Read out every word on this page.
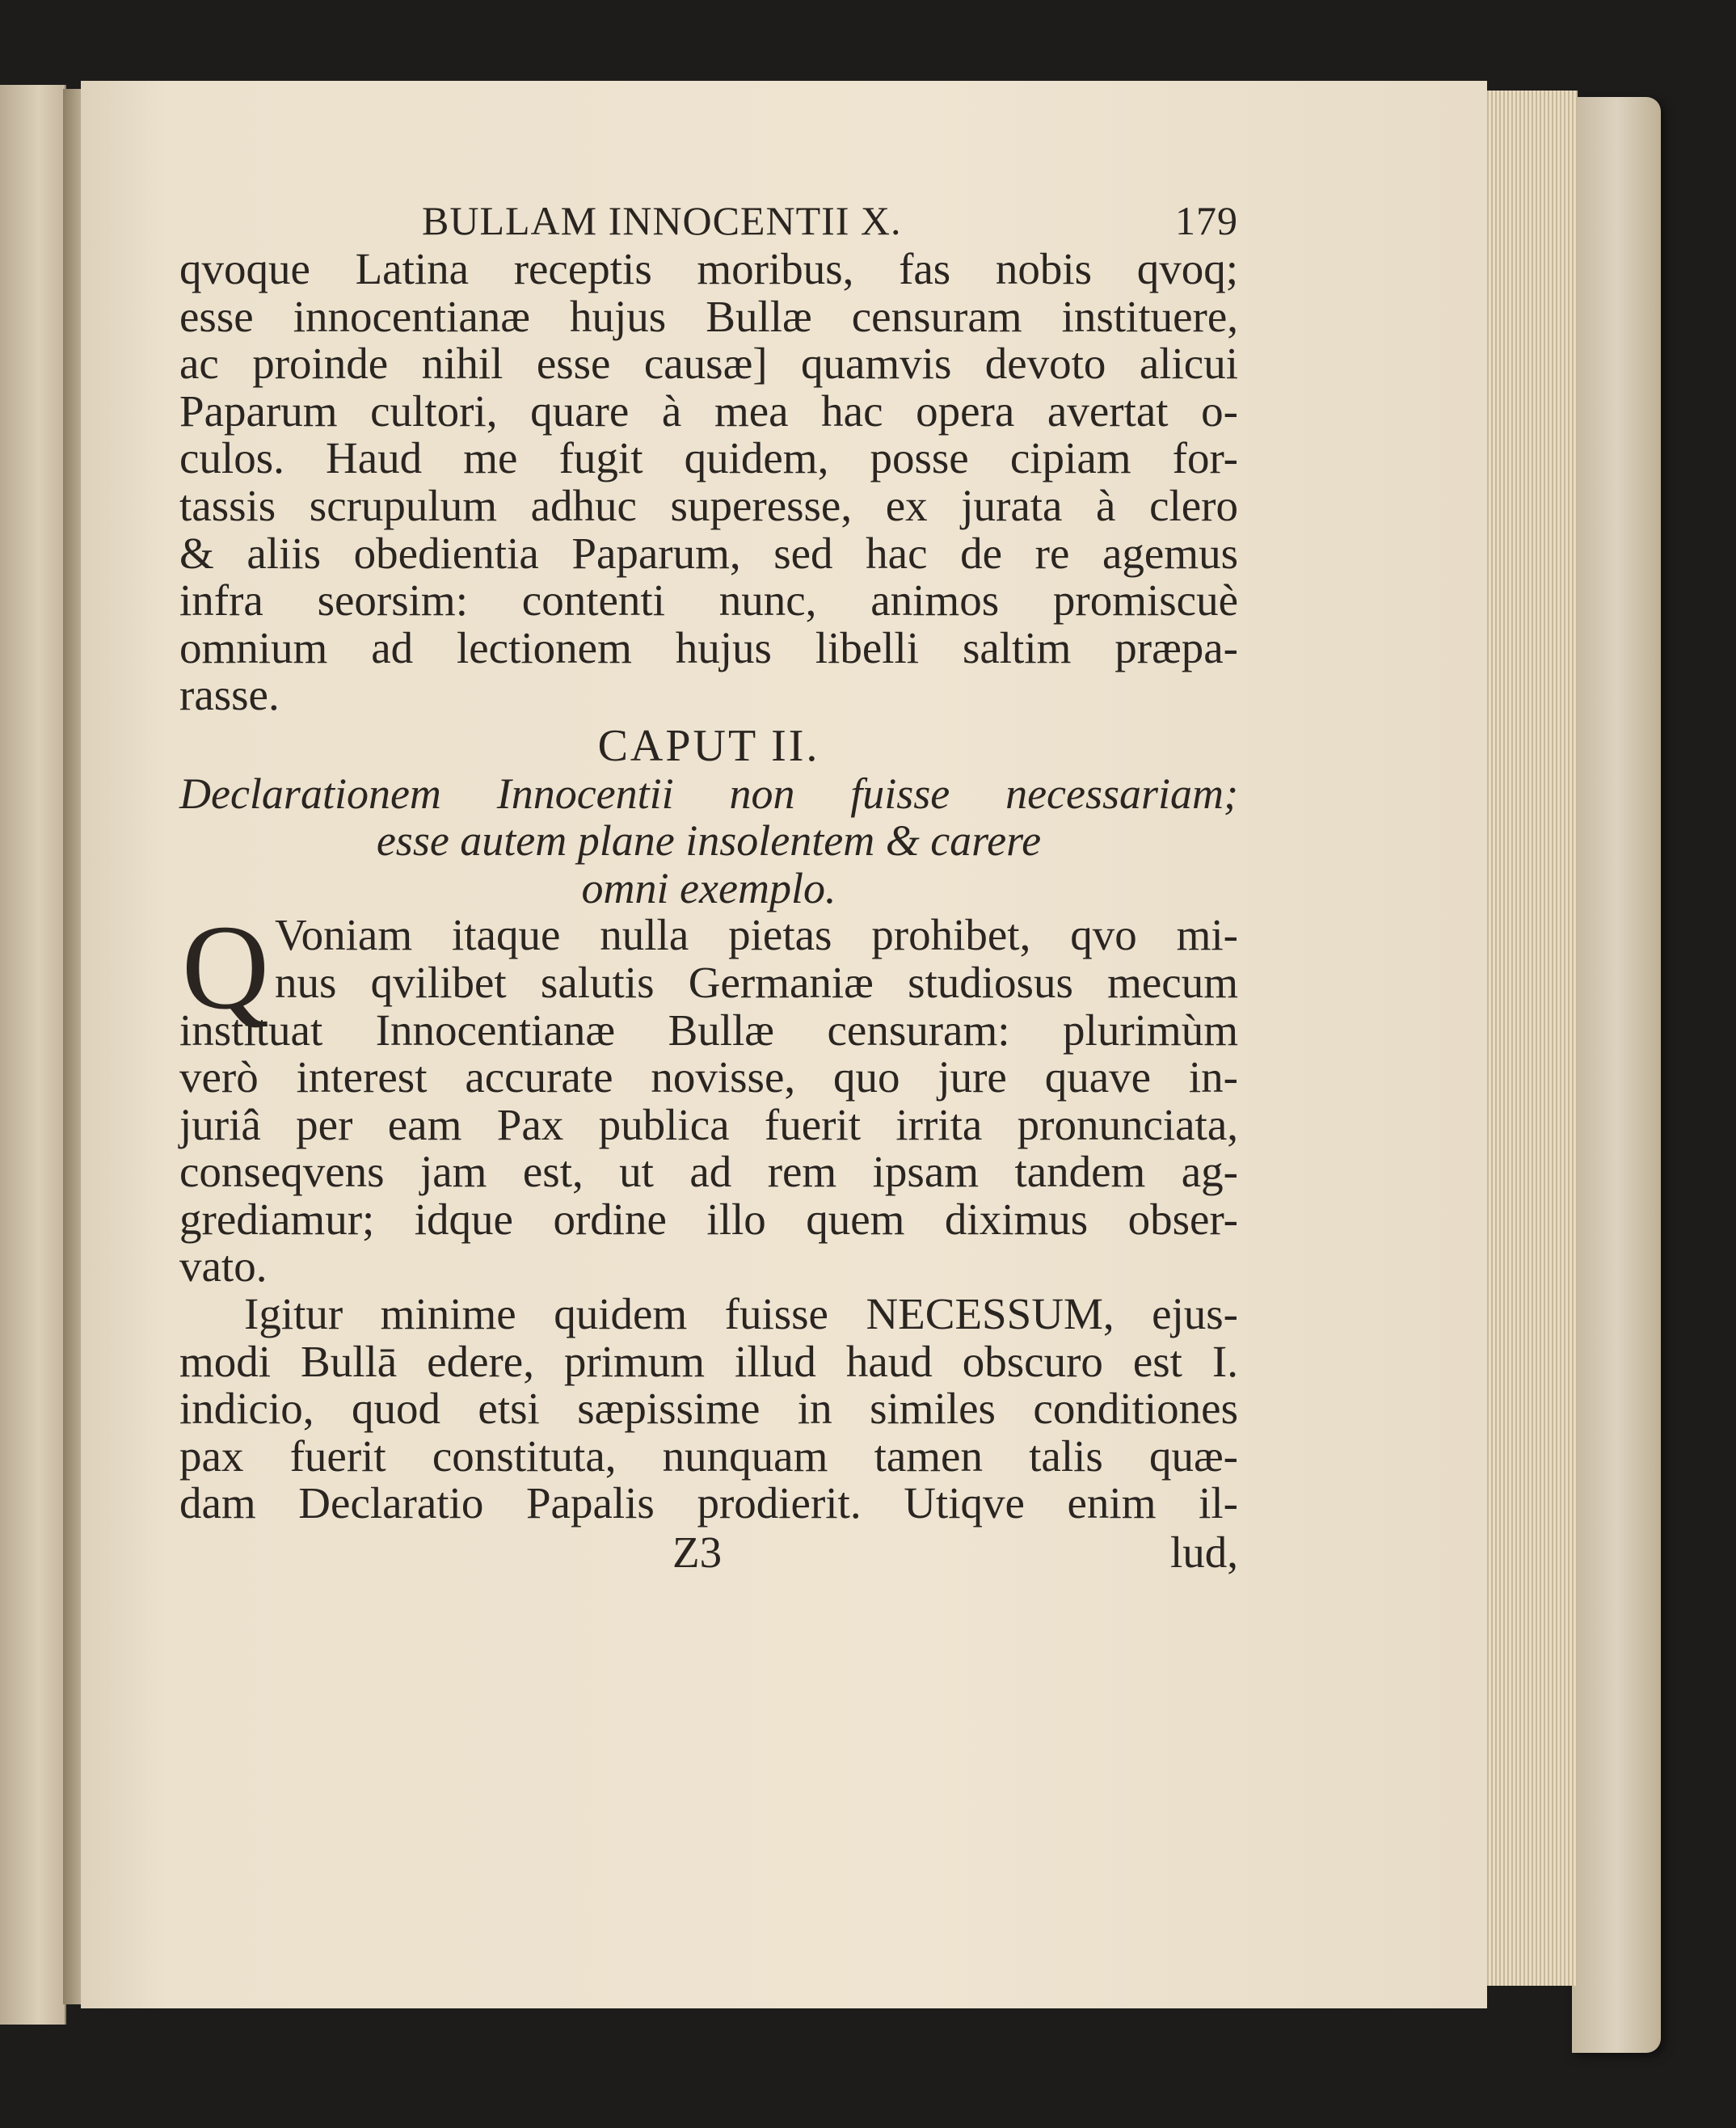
BULLAM INNOCENTII X.	179
qvoque Latina receptis moribus, fas nobis qvoq;
esse innocentianæ hujus Bullæ censuram instituere,
ac proinde nihil esse causæ] quamvis devoto alicui
Paparum cultori, quare à mea hac opera avertat o-
culos. Haud me fugit quidem, posse cipiam for-
tassis scrupulum adhuc superesse, ex jurata à clero
& aliis obedientia Paparum, sed hac de re agemus
infra seorsim: contenti nunc, animos promiscuè
omnium ad lectionem hujus libelli saltim præpa-
rasse.
CAPUT II.
Declarationem Innocentii non fuisse necessariam;
esse autem plane insolentem & carere
omni exemplo.
Q Voniam itaque nulla pietas prohibet, qvo mi-
nus qvilibet salutis Germaniæ studiosus mecum
instituat Innocentianæ Bullæ censuram: plurimùm
verò interest accurate novisse, quo jure quave in-
juriâ per eam Pax publica fuerit irrita pronunciata,
conseqvens jam est, ut ad rem ipsam tandem ag-
grediamur; idque ordine illo quem diximus obser-
vato.
Igitur minime quidem fuisse NECESSUM, ejus-
modi Bullā edere, primum illud haud obscuro est I.
indicio, quod etsi sæpissime in similes conditiones
pax fuerit constituta, nunquam tamen talis quæ-
dam Declaratio Papalis prodierit. Utiqve enim il-
Z3	lud,
